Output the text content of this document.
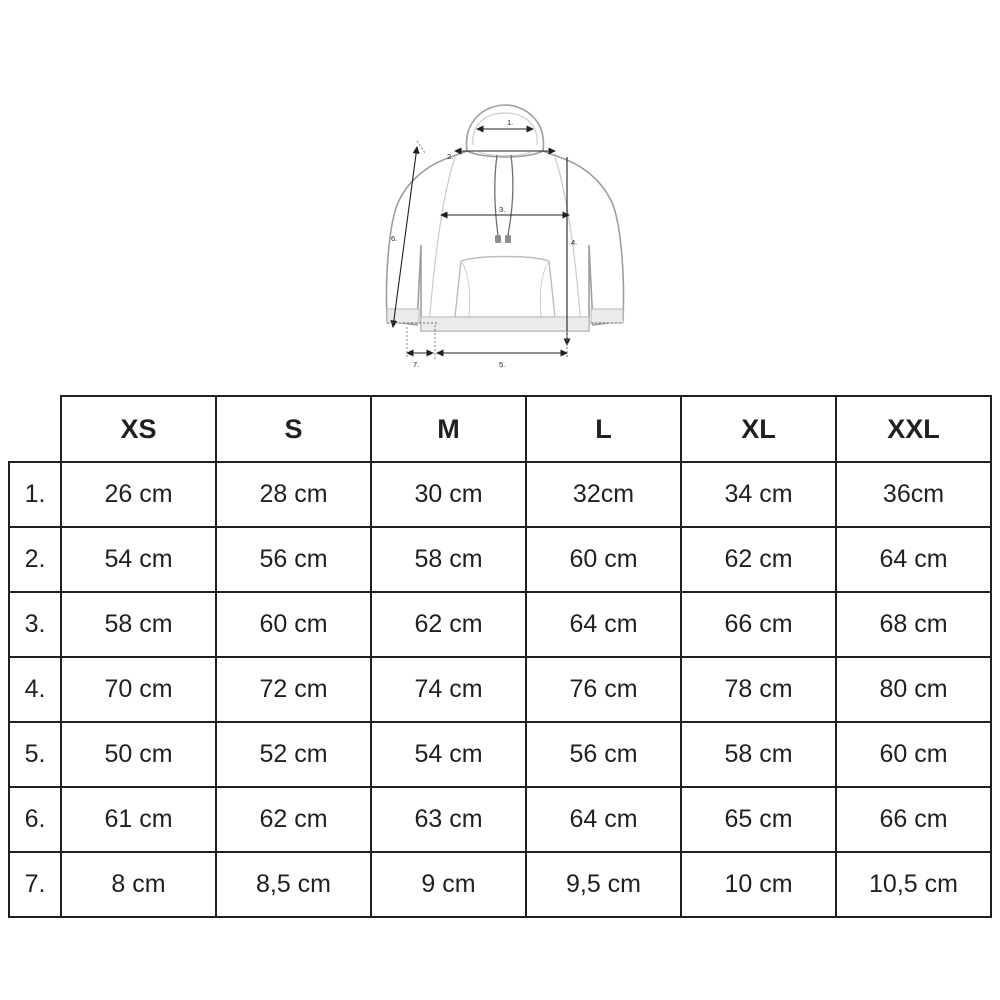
1.
2.
3.
4.
5.
6.
7.
	XS	S	M	L	XL	XXL
1.	26 cm	28 cm	30 cm	32cm	34 cm	36cm
2.	54 cm	56 cm	58 cm	60 cm	62 cm	64 cm
3.	58 cm	60 cm	62 cm	64 cm	66 cm	68 cm
4.	70 cm	72 cm	74 cm	76 cm	78 cm	80 cm
5.	50 cm	52 cm	54 cm	56 cm	58 cm	60 cm
6.	61 cm	62 cm	63 cm	64 cm	65 cm	66 cm
7.	8 cm	8,5 cm	9 cm	9,5 cm	10 cm	10,5 cm
